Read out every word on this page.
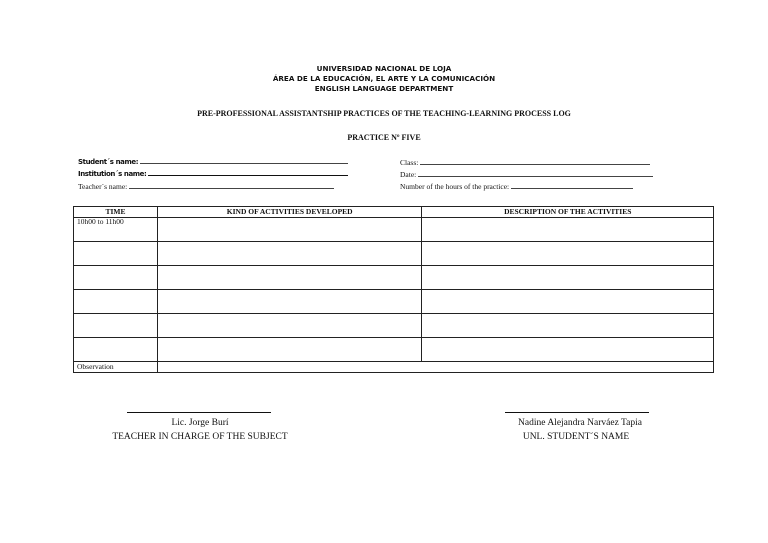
UNIVERSIDAD NACIONAL DE LOJA
ÁREA DE LA EDUCACIÓN, EL ARTE Y LA COMUNICACIÓN
ENGLISH LANGUAGE DEPARTMENT
PRE-PROFESSIONAL ASSISTANTSHIP PRACTICES OF THE TEACHING-LEARNING PROCESS LOG
PRACTICE Nº FIVE
Student´s name:
Institution´s name:
Teacher´s name:
Class:
Date:
Number of the hours of the practice:
TIME	KIND OF ACTIVITIES DEVELOPED	DESCRIPTION OF THE ACTIVITIES
10h00 to 11h00		

Observation		
Lic. Jorge Burí
TEACHER IN CHARGE OF THE SUBJECT
Nadine Alejandra Narváez Tapia
UNL. STUDENT´S NAME
